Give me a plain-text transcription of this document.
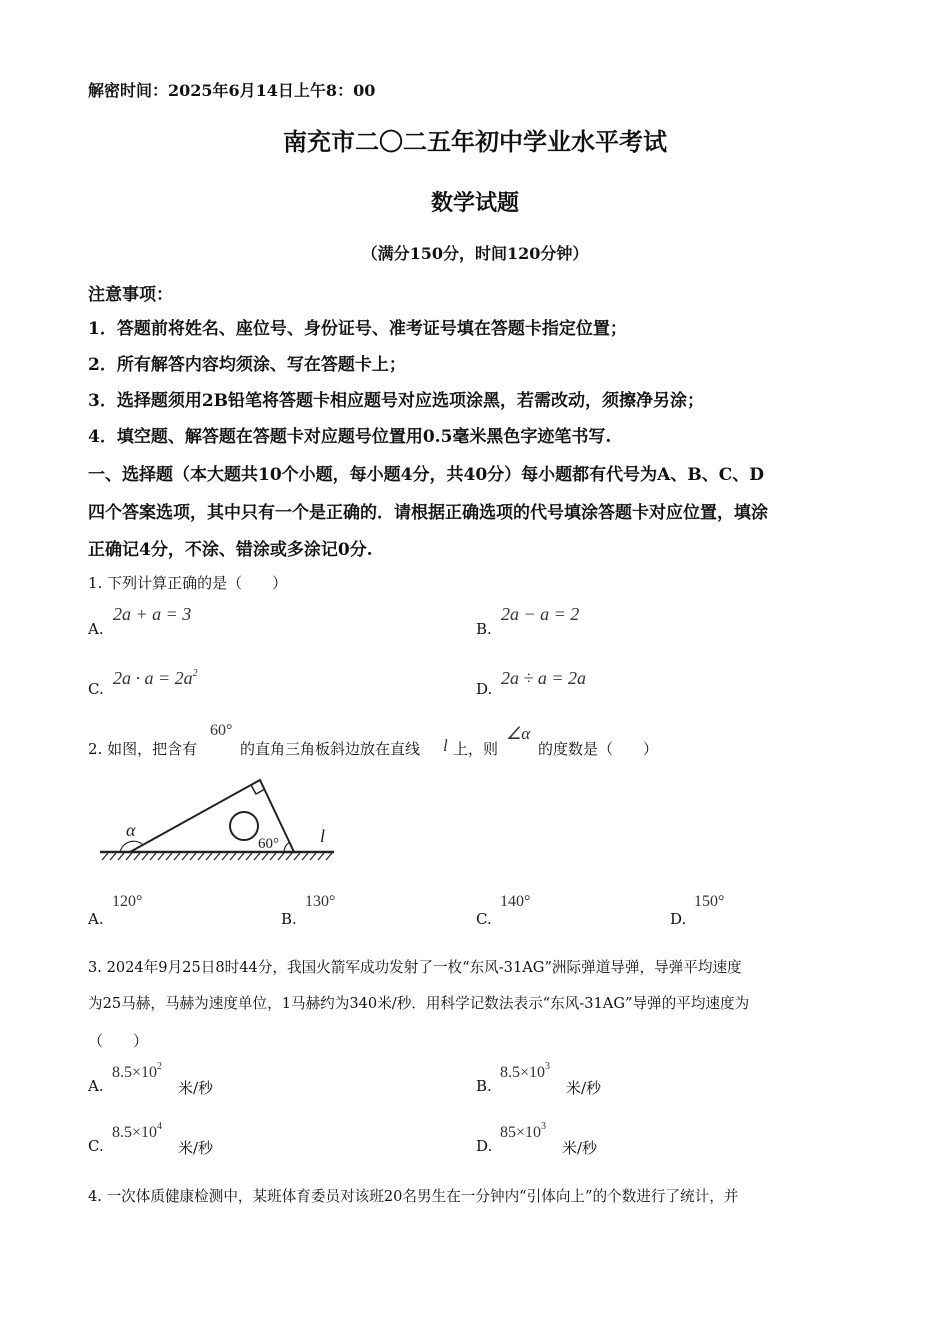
解密时间：2025年6月14日上午8：00
南充市二〇二五年初中学业水平考试
数学试题
（满分150分，时间120分钟）
注意事项：
1．答题前将姓名、座位号、身份证号、准考证号填在答题卡指定位置；
2．所有解答内容均须涂、写在答题卡上；
3．选择题须用2B铅笔将答题卡相应题号对应选项涂黑，若需改动，须擦净另涂；
4．填空题、解答题在答题卡对应题号位置用0.5毫米黑色字迹笔书写.
一、选择题（本大题共10个小题，每小题4分，共40分）每小题都有代号为A、B、C、D
四个答案选项，其中只有一个是正确的．请根据正确选项的代号填涂答题卡对应位置，填涂
正确记4分，不涂、错涂或多涂记0分.
1. 下列计算正确的是（　　）
A.
2a + a = 3
B.
2a − a = 2
C.
$2a \cdot a = 2a^2$
D.
2a ÷ a = 2a
2. 如图，把含有
60°
的直角三角板斜边放在直线 l 上，则
∠α
的度数是（　　）
α
60° l
A.
120°
B.
130°
C.
140°
D.
150°
3. 2024年9月25日8时44分，我国火箭军成功发射了一枚“东风-31AG”洲际弹道导弹，导弹平均速度
为25马赫，马赫为速度单位，1马赫约为340米/秒．用科学记数法表示“东风-31AG”导弹的平均速度为
（　　）
A.
$8.5\times 10^2$
米/秒	B.
$8.5\times 10^3$
米/秒
C.
$8.5\times 10^4$
米/秒	D.
$85\times 10^3$
米/秒
4. 一次体质健康检测中，某班体育委员对该班20名男生在一分钟内“引体向上”的个数进行了统计，并
